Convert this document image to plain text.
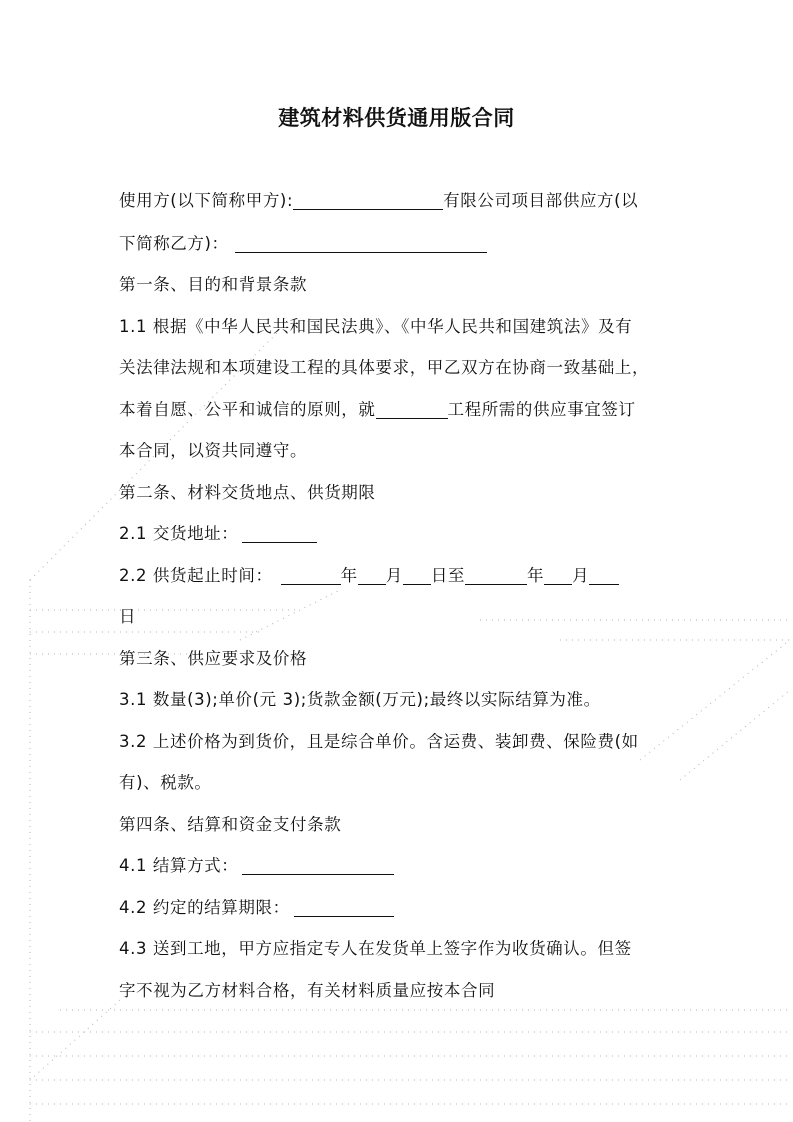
建筑材料供货通用版合同
使用方(以下简称甲方):	有限公司项目部供应方(以
下简称乙方)：
第一条、目的和背景条款
1.1 根据《中华人民共和国民法典》、《中华人民共和国建筑法》及有
关法律法规和本项建设工程的具体要求，甲乙双方在协商一致基础上，
本着自愿、公平和诚信的原则，就	工程所需的供应事宜签订
本合同，以资共同遵守。
第二条、材料交货地点、供货期限
2.1 交货地址：
2.2 供货起止时间：	年 月 日至	年 月
日
第三条、供应要求及价格
3.1 数量(3);单价(元 3);货款金额(万元);最终以实际结算为准。
3.2 上述价格为到货价，且是综合单价。含运费、装卸费、保险费(如
有)、税款。
第四条、结算和资金支付条款
4.1 结算方式：
4.2 约定的结算期限：
4.3 送到工地，甲方应指定专人在发货单上签字作为收货确认。但签
字不视为乙方材料合格，有关材料质量应按本合同
